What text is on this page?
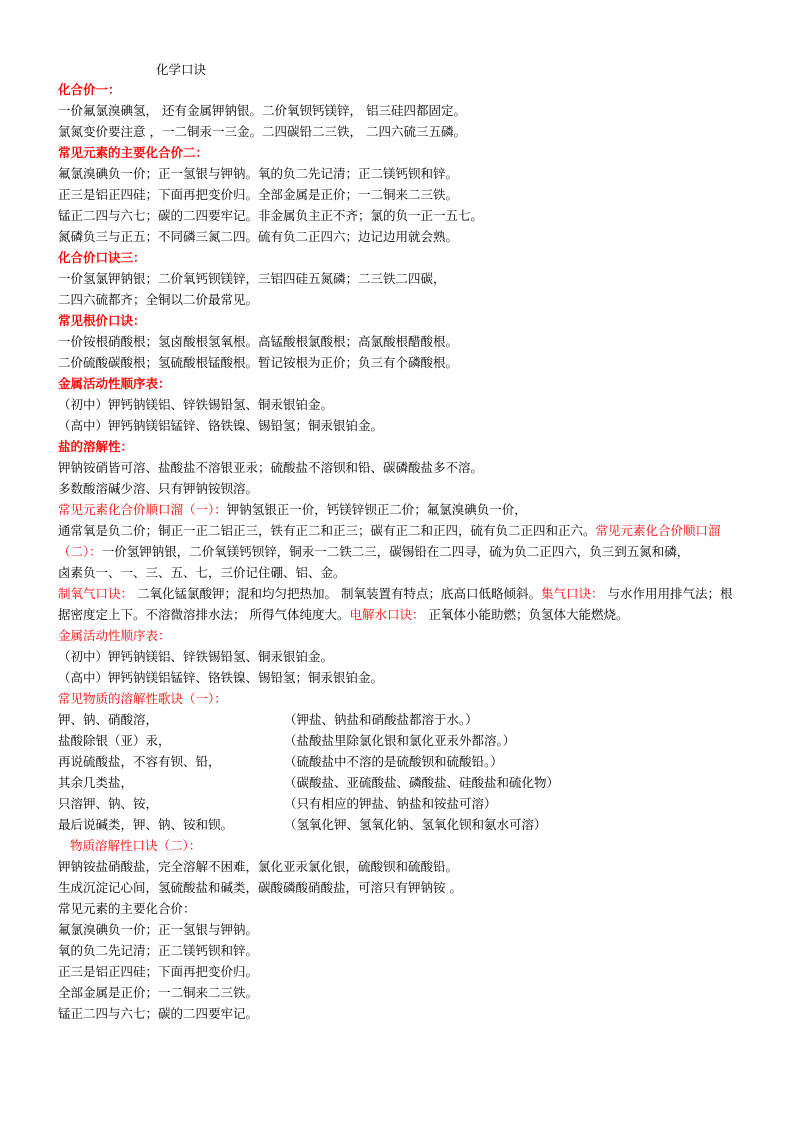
化学口诀
化合价一：
一价氟氯溴碘氢， 还有金属钾钠银。二价氧钡钙镁锌， 铝三硅四都固定。
氯氮变价要注意 ，一二铜汞一三金。二四碳铅二三铁， 二四六硫三五磷。
常见元素的主要化合价二：
氟氯溴碘负一价；正一氢银与钾钠。氧的负二先记清；正二镁钙钡和锌。
正三是铝正四硅；下面再把变价归。全部金属是正价；一二铜来二三铁。
锰正二四与六七；碳的二四要牢记。非金属负主正不齐；氯的负一正一五七。
氮磷负三与正五；不同磷三氮二四。硫有负二正四六；边记边用就会熟。
化合价口诀三：
一价氢氯钾钠银；二价氧钙钡镁锌，三铝四硅五氮磷；二三铁二四碳，
二四六硫都齐；全铜以二价最常见。
常见根价口诀：
一价铵根硝酸根；氢卤酸根氢氧根。高锰酸根氯酸根；高氯酸根醋酸根。
二价硫酸碳酸根；氢硫酸根锰酸根。暂记铵根为正价；负三有个磷酸根。
金属活动性顺序表：
（初中）钾钙钠镁铝、锌铁锡铅氢、铜汞银铂金。
（高中）钾钙钠镁铝锰锌、铬铁镍、锡铅氢；铜汞银铂金。
盐的溶解性：
钾钠铵硝皆可溶、盐酸盐不溶银亚汞；硫酸盐不溶钡和铅、碳磷酸盐多不溶。
多数酸溶碱少溶、只有钾钠铵钡溶。
常见元素化合价顺口溜（一）：钾钠氢银正一价，钙镁锌钡正二价；氟氯溴碘负一价，
通常氧是负二价；铜正一正二铝正三，铁有正二和正三；碳有正二和正四，硫有负二正四和正六。常见元素化合价顺口溜（二）：一价氢钾钠银，二价氧镁钙钡锌，铜汞一二铁二三，碳锡铅在二四寻，硫为负二正四六，负三到五氮和磷，
卤素负一、一、三、五、七，三价记住硼、铝、金。
制氧气口诀： 二氧化锰氯酸钾；混和均匀把热加。 制氧装置有特点；底高口低略倾斜。集气口诀： 与水作用用排气法；根据密度定上下。不溶微溶排水法； 所得气体纯度大。电解水口诀： 正氧体小能助燃；负氢体大能燃烧。
金属活动性顺序表：
（初中）钾钙钠镁铝、锌铁锡铅氢、铜汞银铂金。
（高中）钾钙钠镁铝锰锌、铬铁镍、锡铅氢；铜汞银铂金。
常见物质的溶解性歌诀（一）：
钾、钠、硝酸溶，	（钾盐、钠盐和硝酸盐都溶于水。）
盐酸除银（亚）汞，	（盐酸盐里除氯化银和氯化亚汞外都溶。）
再说硫酸盐，不容有钡、铅，	（硫酸盐中不溶的是硫酸钡和硫酸铅。）
其余几类盐，	（碳酸盐、亚硫酸盐、磷酸盐、硅酸盐和硫化物）
只溶钾、钠、铵，	（只有相应的钾盐、钠盐和铵盐可溶）
最后说碱类，钾、钠、铵和钡。	（氢氧化钾、氢氧化钠、氢氧化钡和氨水可溶）
物质溶解性口诀（二）：
钾钠铵盐硝酸盐，完全溶解不困难，氯化亚汞氯化银，硫酸钡和硫酸铅。
生成沉淀记心间，氢硫酸盐和碱类，碳酸磷酸硝酸盐，可溶只有钾钠铵 。
常见元素的主要化合价：
氟氯溴碘负一价；正一氢银与钾钠。
氧的负二先记清；正二镁钙钡和锌。
正三是铝正四硅；下面再把变价归。
全部金属是正价；一二铜来二三铁。
锰正二四与六七；碳的二四要牢记。
